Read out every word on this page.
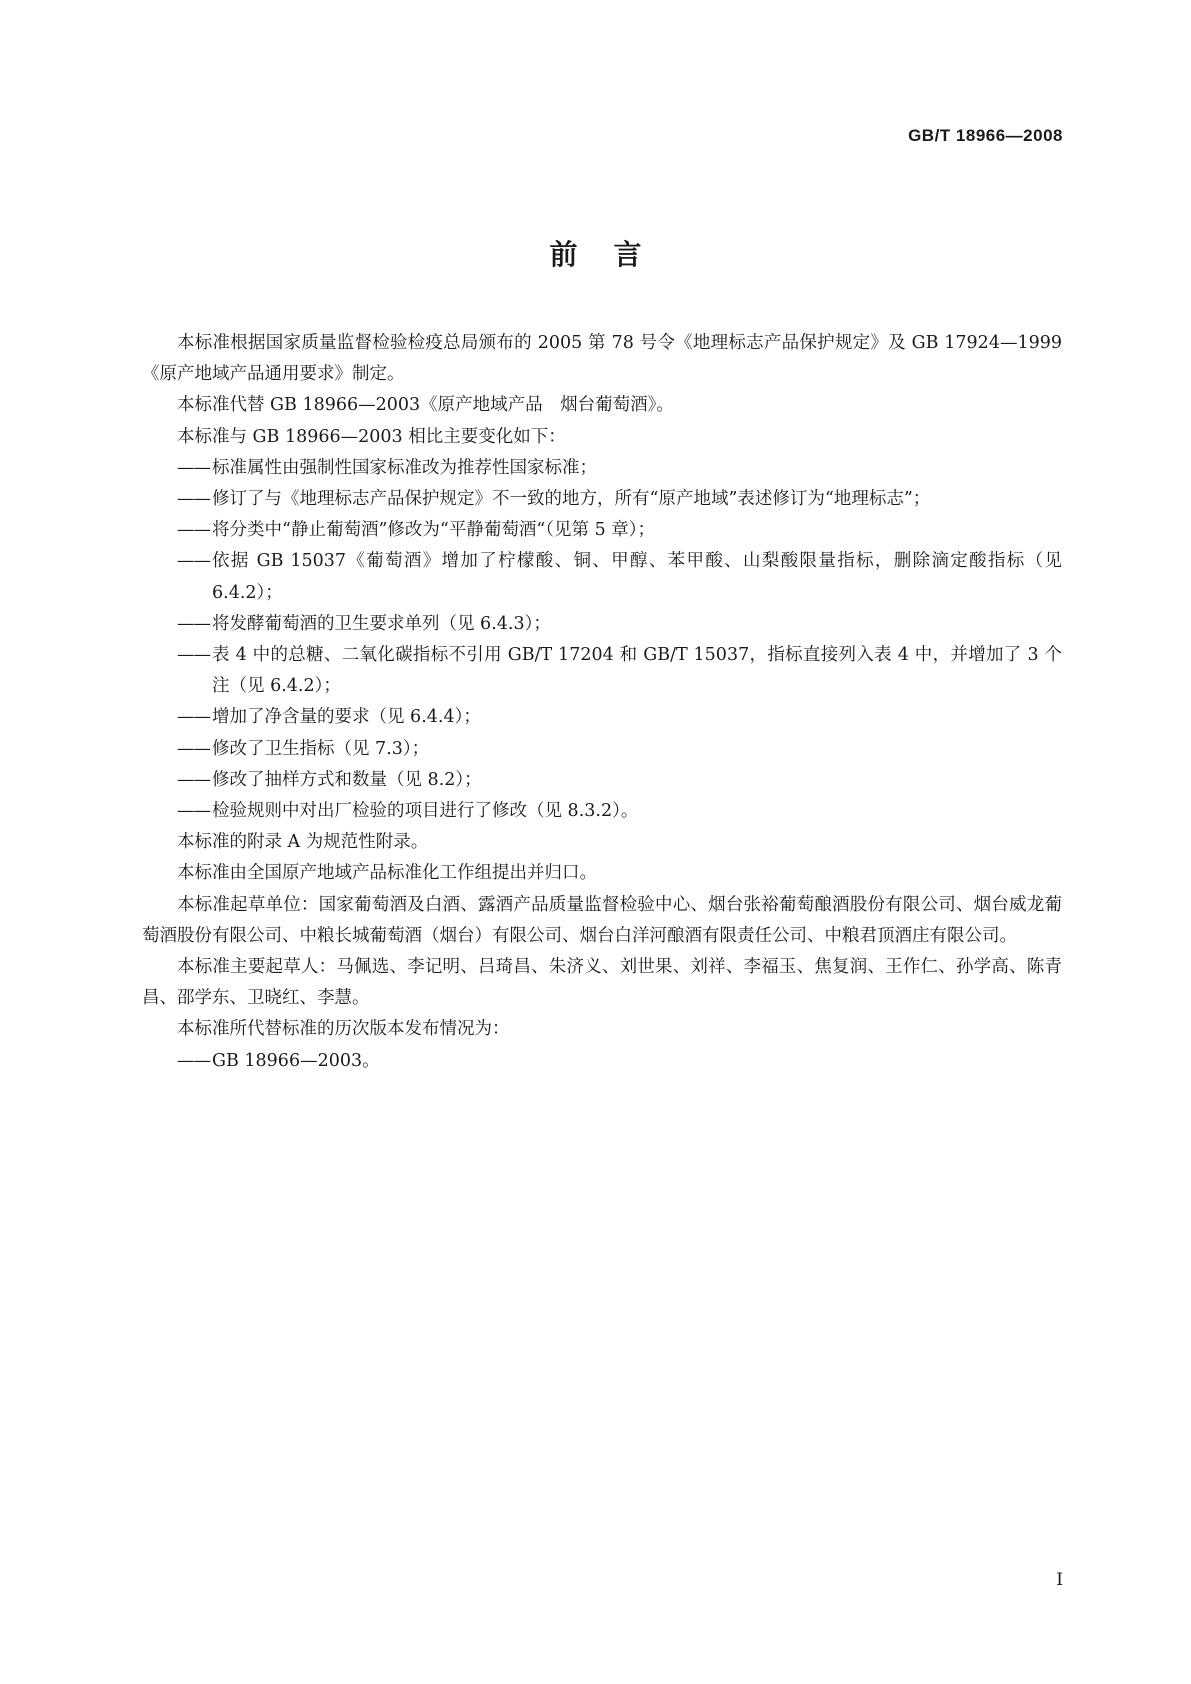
GB/T 18966—2008
前言

本标准根据国家质量监督检验检疫总局颁布的 2005 第 78 号令《地理标志产品保护规定》及 GB 17924—1999《原产地域产品通用要求》制定。

本标准代替 GB 18966—2003《原产地域产品　烟台葡萄酒》。

本标准与 GB 18966—2003 相比主要变化如下：

—— 标准属性由强制性国家标准改为推荐性国家标准；
—— 修订了与《地理标志产品保护规定》不一致的地方，所有“原产地域”表述修订为“地理标志”；
—— 将分类中“静止葡萄酒”修改为“平静葡萄酒“（见第 5 章）；
—— 依据 GB 15037《葡萄酒》增加了柠檬酸、铜、甲醇、苯甲酸、山梨酸限量指标，删除滴定酸指标（见 6.4.2）；
—— 将发酵葡萄酒的卫生要求单列（见 6.4.3）；
—— 表 4 中的总糖、二氧化碳指标不引用 GB/T 17204 和 GB/T 15037，指标直接列入表 4 中，并增加了 3 个注（见 6.4.2）；
—— 增加了净含量的要求（见 6.4.4）；
—— 修改了卫生指标（见 7.3）；
—— 修改了抽样方式和数量（见 8.2）；
—— 检验规则中对出厂检验的项目进行了修改（见 8.3.2）。

本标准的附录 A 为规范性附录。

本标准由全国原产地域产品标准化工作组提出并归口。

本标准起草单位：国家葡萄酒及白酒、露酒产品质量监督检验中心、烟台张裕葡萄酿酒股份有限公司、烟台威龙葡萄酒股份有限公司、中粮长城葡萄酒（烟台）有限公司、烟台白洋河酿酒有限责任公司、中粮君顶酒庄有限公司。

本标准主要起草人：马佩选、李记明、吕琦昌、朱济义、刘世果、刘祥、李福玉、焦复润、王作仁、孙学高、陈青昌、邵学东、卫晓红、李慧。

本标准所代替标准的历次版本发布情况为：

—— GB 18966—2003。
I
